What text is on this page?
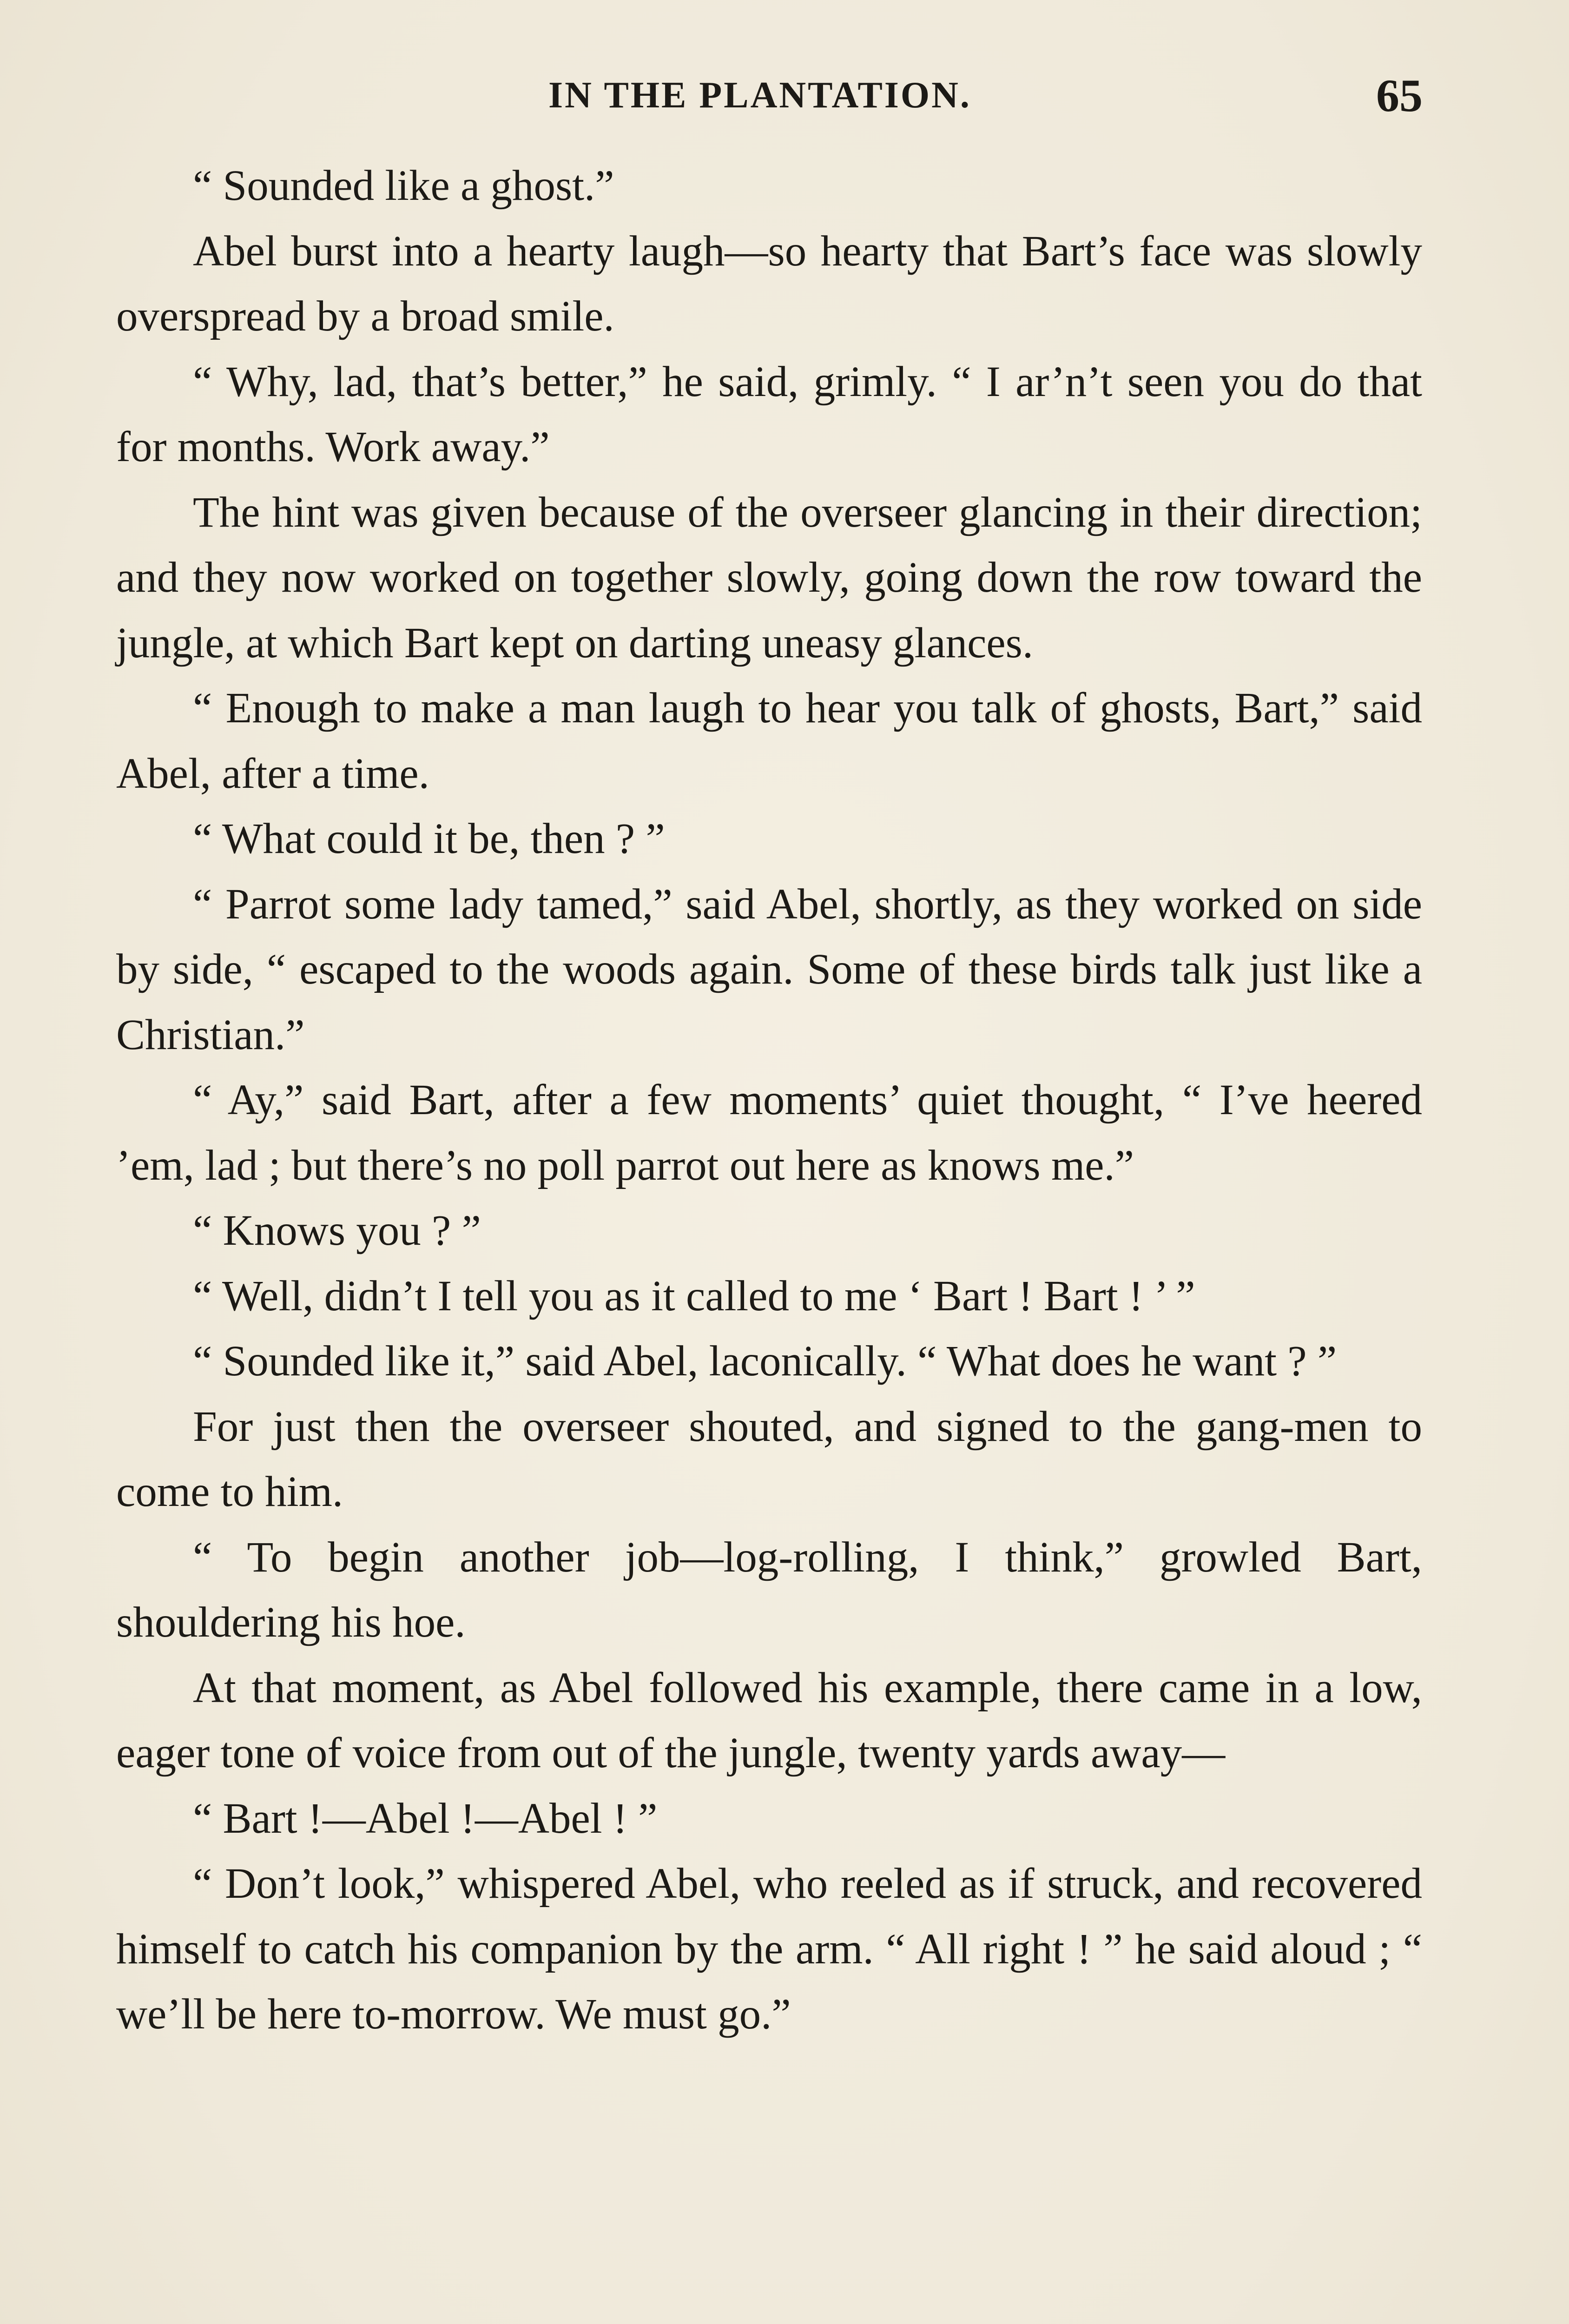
IN THE PLANTATION.	65

“ Sounded like a ghost.”

Abel burst into a hearty laugh—so hearty that Bart’s face was slowly overspread by a broad smile.

“ Why, lad, that’s better,” he said, grimly. “ I ar’n’t seen you do that for months. Work away.”

The hint was given because of the overseer glancing in their direction; and they now worked on together slowly, going down the row toward the jungle, at which Bart kept on darting uneasy glances.

“ Enough to make a man laugh to hear you talk of ghosts, Bart,” said Abel, after a time.

“ What could it be, then ? ”

“ Parrot some lady tamed,” said Abel, shortly, as they worked on side by side, “ escaped to the woods again. Some of these birds talk just like a Christian.”

“ Ay,” said Bart, after a few moments’ quiet thought, “ I’ve heered ’em, lad ; but there’s no poll parrot out here as knows me.”

“ Knows you ? ”

“ Well, didn’t I tell you as it called to me ‘ Bart ! Bart ! ’ ”

“ Sounded like it,” said Abel, laconically. “ What does he want ? ”

For just then the overseer shouted, and signed to the gang-men to come to him.

“ To begin another job—log-rolling, I think,” growled Bart, shouldering his hoe.

At that moment, as Abel followed his example, there came in a low, eager tone of voice from out of the jungle, twenty yards away—

“ Bart !—Abel !—Abel ! ”

“ Don’t look,” whispered Abel, who reeled as if struck, and recovered himself to catch his companion by the arm. “ All right ! ” he said aloud ; “ we’ll be here to-morrow. We must go.”
